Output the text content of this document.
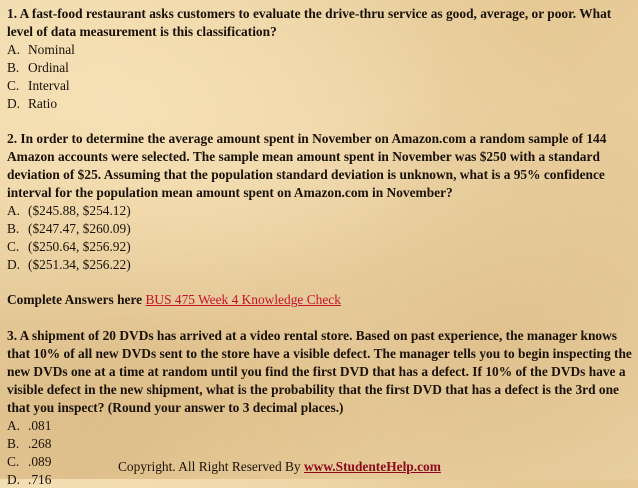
1. A fast-food restaurant asks customers to evaluate the drive-thru service as good, average, or poor. What level of data measurement is this classification?
A. Nominal
B. Ordinal
C. Interval
D. Ratio
2. In order to determine the average amount spent in November on Amazon.com a random sample of 144 Amazon accounts were selected. The sample mean amount spent in November was $250 with a standard deviation of $25. Assuming that the population standard deviation is unknown, what is a 95% confidence interval for the population mean amount spent on Amazon.com in November?
A. ($245.88, $254.12)
B. ($247.47, $260.09)
C. ($250.64, $256.92)
D. ($251.34, $256.22)
Complete Answers here BUS 475 Week 4 Knowledge Check
3. A shipment of 20 DVDs has arrived at a video rental store. Based on past experience, the manager knows that 10% of all new DVDs sent to the store have a visible defect. The manager tells you to begin inspecting the new DVDs one at a time at random until you find the first DVD that has a defect. If 10% of the DVDs have a visible defect in the new shipment, what is the probability that the first DVD that has a defect is the 3rd one that you inspect? (Round your answer to 3 decimal places.)
A. .081
B. .268
C. .089
D. .716
Copyright. All Right Reserved By www.StudenteHelp.com
